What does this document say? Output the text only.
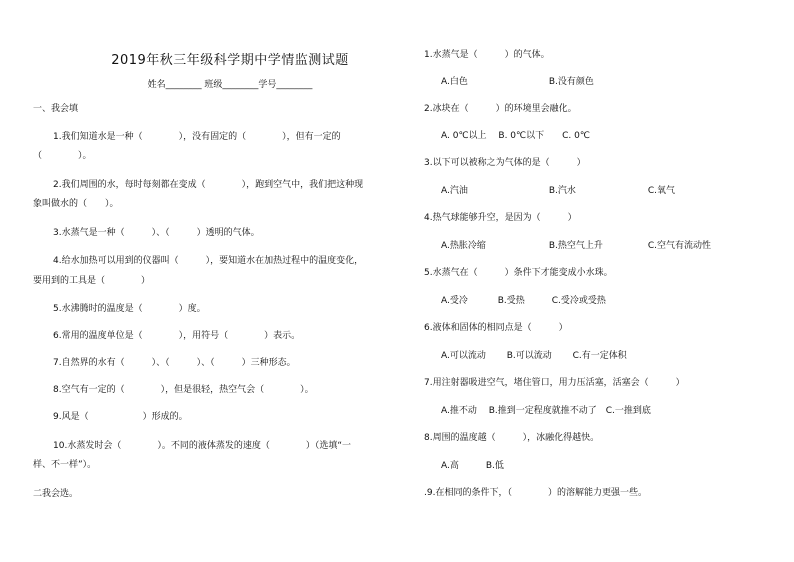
2019年秋三年级科学期中学情监测试题
姓名________ 班级________学号________
一、我会填
1.我们知道水是一种（　　　　），没有固定的（　　　　），但有一定的
（　　　　）。
2.我们周围的水，每时每刻都在变成（　　　　），跑到空气中，我们把这种现
象叫做水的（　　）。
3.水蒸气是一种（　　　）、（　　　）透明的气体。
4.给水加热可以用到的仪器叫（　　　），要知道水在加热过程中的温度变化，
要用到的工具是（　　　　）
5.水沸腾时的温度是（　　　　）度。
6.常用的温度单位是（　　　　），用符号（　　　　）表示。
7.自然界的水有（　　　）、（　　　）、（　　　）三种形态。
8.空气有一定的（　　　　），但是很轻，热空气会（　　　　）。
9.风是（　　　　　　）形成的。
10.水蒸发时会（　　　　）。不同的液体蒸发的速度（　　　　）（选填“一
样、不一样”）。
二我会选。
1.水蒸气是（　　　）的气体。
A.白色　　　　　　　　　B.没有颜色
2.冰块在（　　　）的环境里会融化。
A. 0℃以上　 B. 0℃以下　　C. 0℃
3.以下可以被称之为气体的是（　　　）
A.汽油　　　　　　　　　B.汽水　　　　　　　　C.氧气
4.热气球能够升空，是因为（　　　）
A.热胀冷缩　　　　　　　B.热空气上升　　　　　C.空气有流动性
5.水蒸气在（　　　）条件下才能变成小水珠。
A.受冷　　　 B.受热　　　C.受冷或受热
6.液体和固体的相同点是（　　　）
A.可以流动　　 B.可以流动　　 C.有一定体积
7.用注射器吸进空气，堵住管口，用力压活塞，活塞会（　　　）
A.推不动　 B.推到一定程度就推不动了　C.一推到底
8.周围的温度越（　　　），冰融化得越快。
A.高　　　B.低
.9.在相同的条件下，（　　　　）的溶解能力更强一些。
